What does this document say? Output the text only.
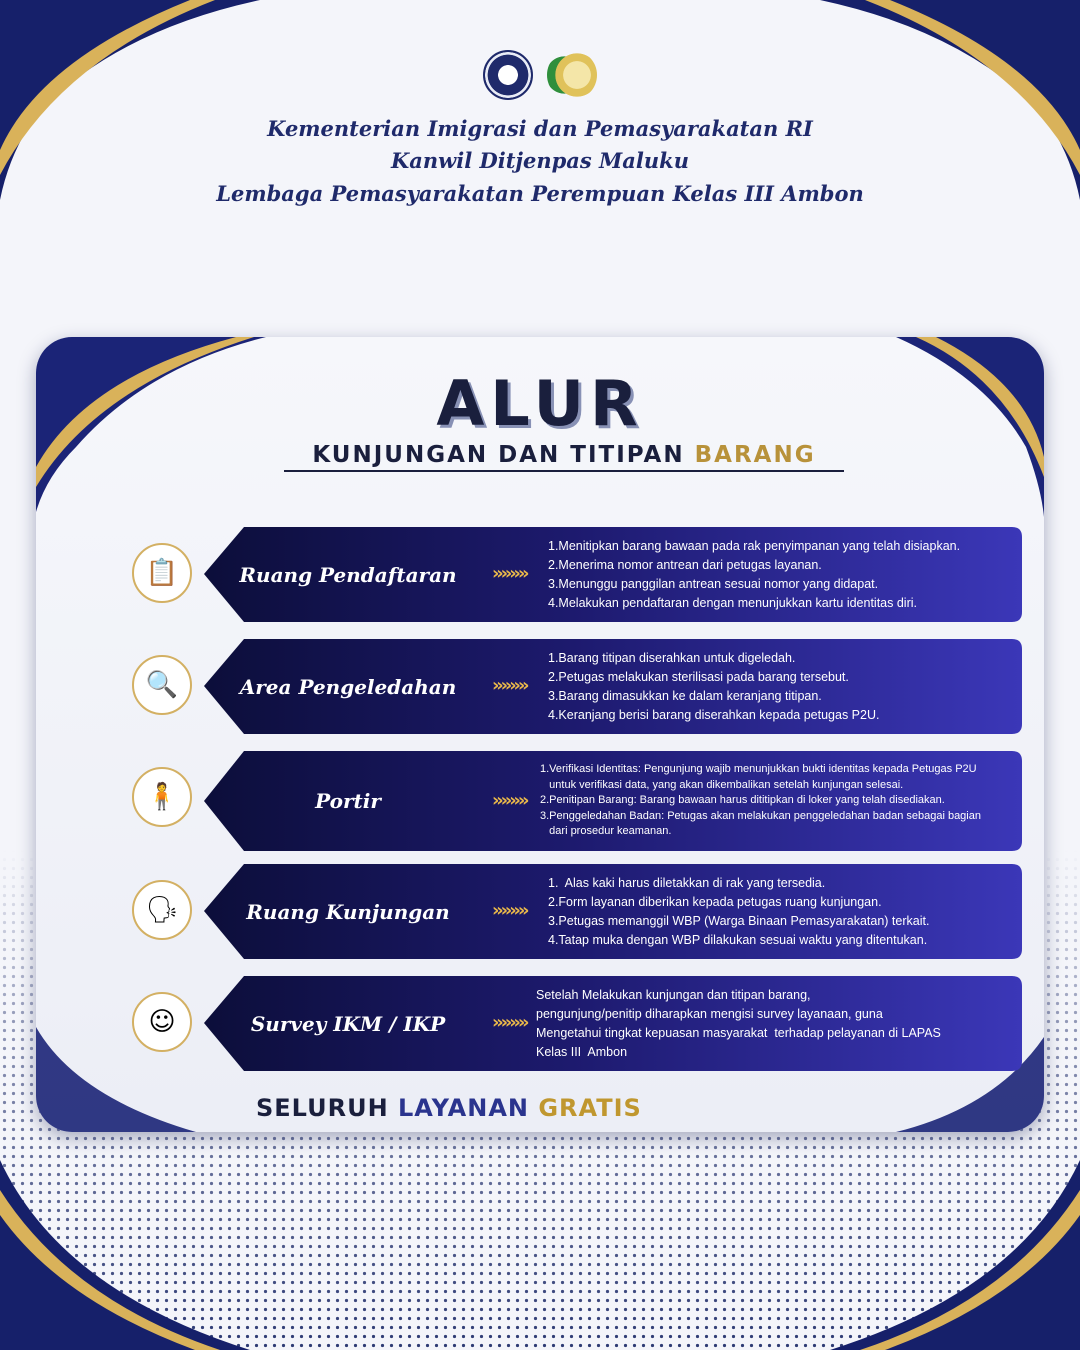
Kementerian Imigrasi dan Pemasyarakatan RI
Kanwil Ditjenpas Maluku
Lembaga Pemasyarakatan Perempuan Kelas III Ambon
ALUR
KUNJUNGAN DAN TITIPAN BARANG
📋	Ruang Pendaftaran	»»»»
1.Menitipkan barang bawaan pada rak penyimpanan yang telah disiapkan.
2.Menerima nomor antrean dari petugas layanan.
3.Menunggu panggilan antrean sesuai nomor yang didapat.
4.Melakukan pendaftaran dengan menunjukkan kartu identitas diri.
🔍	Area Pengeledahan	»»»»
1.Barang titipan diserahkan untuk digeledah.
2.Petugas melakukan sterilisasi pada barang tersebut.
3.Barang dimasukkan ke dalam keranjang titipan.
4.Keranjang berisi barang diserahkan kepada petugas P2U.
🧍	Portir	»»»»
1.Verifikasi Identitas: Pengunjung wajib menunjukkan bukti identitas kepada Petugas P2U
untuk verifikasi data, yang akan dikembalikan setelah kunjungan selesai.
2.Penitipan Barang: Barang bawaan harus dititipkan di loker yang telah disediakan.
3.Penggeledahan Badan: Petugas akan melakukan penggeledahan badan sebagai bagian
dari prosedur keamanan.
🗣	Ruang Kunjungan	»»»»
1.  Alas kaki harus diletakkan di rak yang tersedia.
2.Form layanan diberikan kepada petugas ruang kunjungan.
3.Petugas memanggil WBP (Warga Binaan Pemasyarakatan) terkait.
4.Tatap muka dengan WBP dilakukan sesuai waktu yang ditentukan.
☺	Survey IKM / IKP	»»»»
Setelah Melakukan kunjungan dan titipan barang,
pengunjung/penitip diharapkan mengisi survey layanaan, guna
Mengetahui tingkat kepuasan masyarakat  terhadap pelayanan di LAPAS
Kelas III  Ambon
SELURUH LAYANAN GRATIS
